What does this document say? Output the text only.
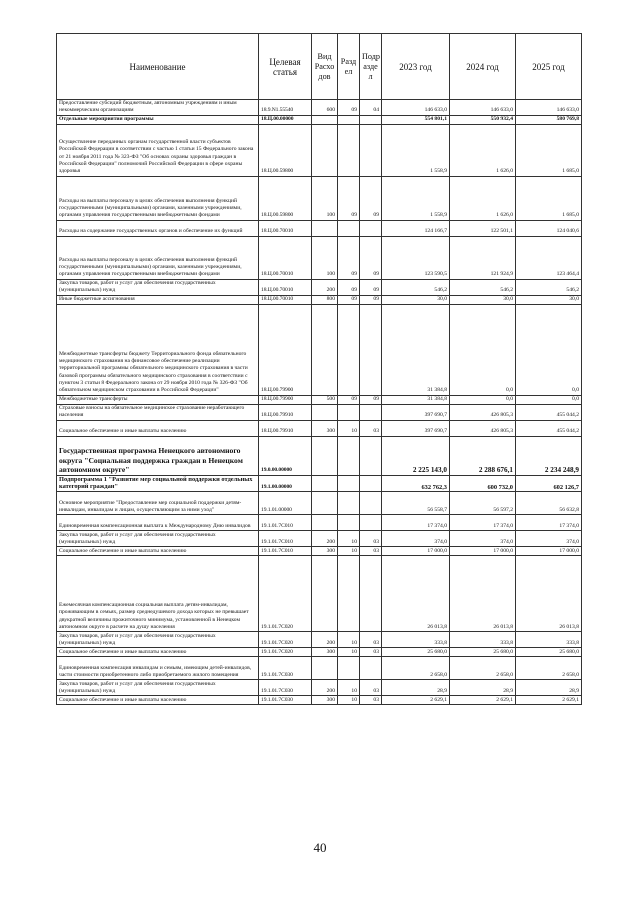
Наименование	Целевая статья	Вид Расхо дов	Разд ел	Подр азде л	2023 год	2024 год	2025 год
Предоставление субсидий бюджетным, автономным учреждениям и иным некоммерческим организациям	18.9.N1.55540	600	09	04	146 633,0	146 633,0	146 633,0
Отдельные мероприятия программы	18.Ц.00.00000				554 801,1	550 932,4	580 769,8
Осуществление переданных органам государственной власти субъектов Российской Федерации в соответствии с частью 1 статьи 15 Федерального закона от 21 ноября 2011 года № 323-ФЗ "Об основах охраны здоровья граждан в Российской Федерации" полномочий Российской Федерации в сфере охраны здоровья	18.Ц.00.59800				1 558,9	1 626,0	1 685,0
Расходы на выплаты персоналу в целях обеспечения выполнения функций государственными (муниципальными) органами, казенными учреждениями, органами управления государственными внебюджетными фондами	18.Ц.00.59800	100	09	09	1 558,9	1 626,0	1 685,0
Расходы на содержание государственных органов и обеспечение их функций	18.Ц.00.70010				124 166,7	122 501,1	124 040,6
Расходы на выплаты персоналу в целях обеспечения выполнения функций государственными (муниципальными) органами, казенными учреждениями, органами управления государственными внебюджетными фондами	18.Ц.00.70010	100	09	09	123 590,5	121 924,9	123 464,4
Закупка товаров, работ и услуг для обеспечения государственных (муниципальных) нужд	18.Ц.00.70010	200	09	09	546,2	546,2	546,2
Иные бюджетные ассигнования	18.Ц.00.70010	800	09	09	30,0	30,0	30,0
Межбюджетные трансферты бюджету Территориального фонда обязательного медицинского страхования на финансовое обеспечение реализации территориальной программы обязательного медицинского страхования в части базовой программы обязательного медицинского страхования в соответствии с пунктом 3 статьи 8 Федерального закона от 29 ноября 2010 года № 326-ФЗ "Об обязательном медицинском страховании в Российской Федерации"	18.Ц.00.79900				31 384,8	0,0	0,0
Межбюджетные трансферты	18.Ц.00.79900	500	09	09	31 384,8	0,0	0,0
Страховые взносы на обязательное медицинское страхование неработающего населения	18.Ц.00.79910				397 690,7	426 805,3	455 044,2
Социальное обеспечение и иные выплаты населению	18.Ц.00.79910	300	10	03	397 690,7	426 805,3	455 044,2
Государственная программа Ненецкого автономного округа "Социальная поддержка граждан в Ненецком автономном округе"	19.0.00.00000				2 225 143,0	2 288 676,1	2 234 248,9
Подпрограмма 1 "Развитие мер социальной поддержки отдельных категорий граждан"	19.1.00.00000				632 762,3	600 732,0	602 126,7
Основное мероприятие "Предоставление мер социальной поддержки детям-инвалидам, инвалидам и лицам, осуществляющим за ними уход"	19.1.01.00000				56 558,7	56 597,2	56 632,8
Единовременная компенсационная выплата к Международному Дню инвалидов	19.1.01.7С010				17 374,0	17 374,0	17 374,0
Закупка товаров, работ и услуг для обеспечения государственных (муниципальных) нужд	19.1.01.7С010	200	10	03	374,0	374,0	374,0
Социальное обеспечение и иные выплаты населению	19.1.01.7С010	300	10	03	17 000,0	17 000,0	17 000,0
Ежемесячная компенсационная социальная выплата детям-инвалидам, проживающим в семьях, размер среднедушевого дохода которых не превышает двукратной величины прожиточного минимума, установленной в Ненецком автономном округе в расчете на душу населения	19.1.01.7С020				26 013,8	26 013,8	26 013,8
Закупка товаров, работ и услуг для обеспечения государственных (муниципальных) нужд	19.1.01.7С020	200	10	03	333,8	333,8	333,8
Социальное обеспечение и иные выплаты населению	19.1.01.7С020	300	10	03	25 680,0	25 680,0	25 680,0
Единовременная компенсация инвалидам и семьям, имеющим детей-инвалидов, части стоимости приобретенного либо приобретаемого жилого помещения	19.1.01.7С030				2 658,0	2 658,0	2 658,0
Закупка товаров, работ и услуг для обеспечения государственных (муниципальных) нужд	19.1.01.7С030	200	10	03	28,9	28,9	28,9
Социальное обеспечение и иные выплаты населению	19.1.01.7С030	300	10	03	2 629,1	2 629,1	2 629,1
40
